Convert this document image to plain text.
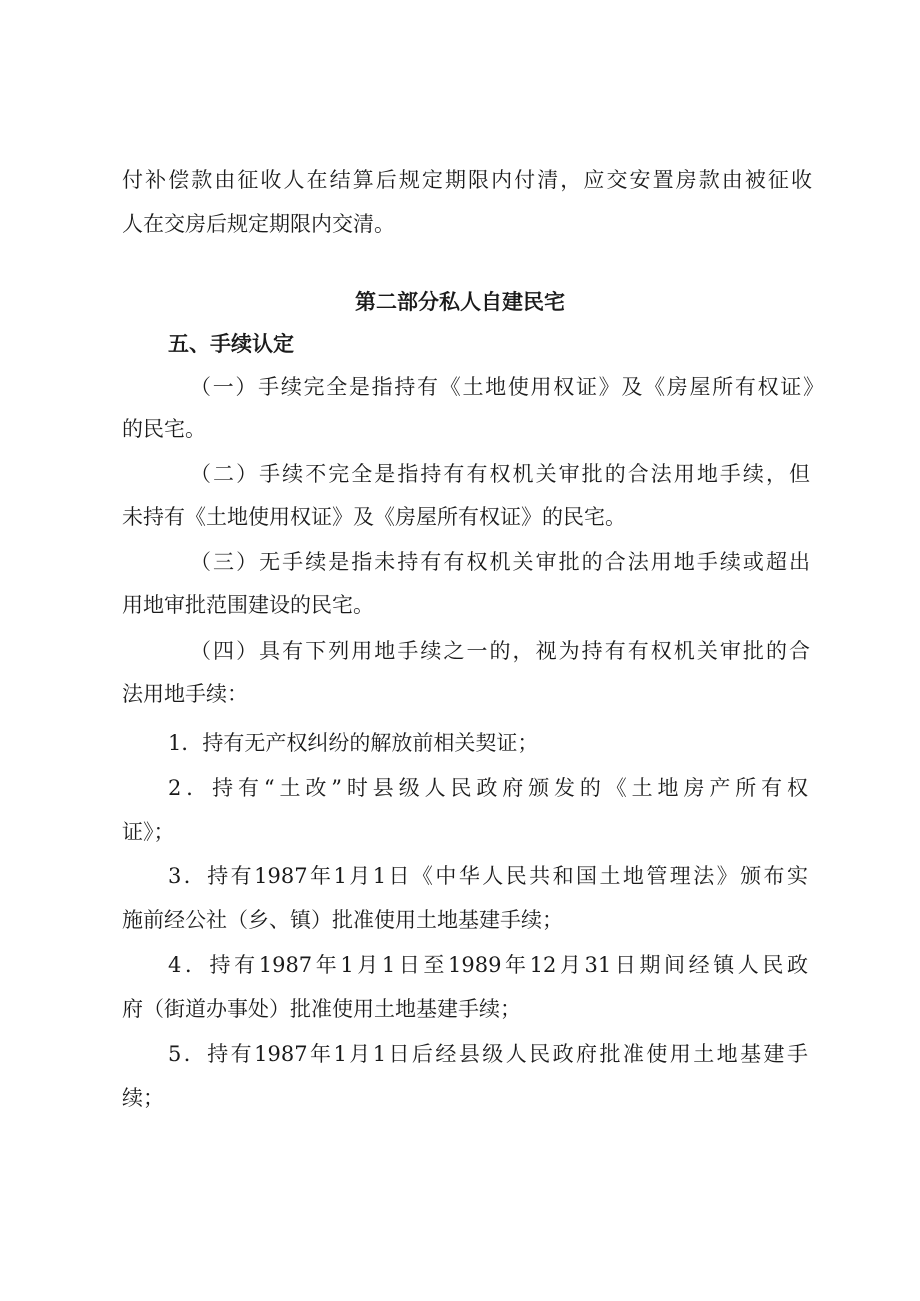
付补偿款由征收人在结算后规定期限内付清，应交安置房款由被征收
人在交房后规定期限内交清。
第二部分私人自建民宅
五、手续认定
（一）手续完全是指持有《土地使用权证》及《房屋所有权证》
的民宅。
（二）手续不完全是指持有有权机关审批的合法用地手续，但
未持有《土地使用权证》及《房屋所有权证》的民宅。
（三）无手续是指未持有有权机关审批的合法用地手续或超出
用地审批范围建设的民宅。
（四）具有下列用地手续之一的，视为持有有权机关审批的合
法用地手续：
1．持有无产权纠纷的解放前相关契证；
2．持有“土改”时县级人民政府颁发的《土地房产所有权
证》；
3．持有1987年1月1日《中华人民共和国土地管理法》颁布实
施前经公社（乡、镇）批准使用土地基建手续；
4．持有1987年1月1日至1989年12月31日期间经镇人民政
府（街道办事处）批准使用土地基建手续；
5．持有1987年1月1日后经县级人民政府批准使用土地基建手
续；
